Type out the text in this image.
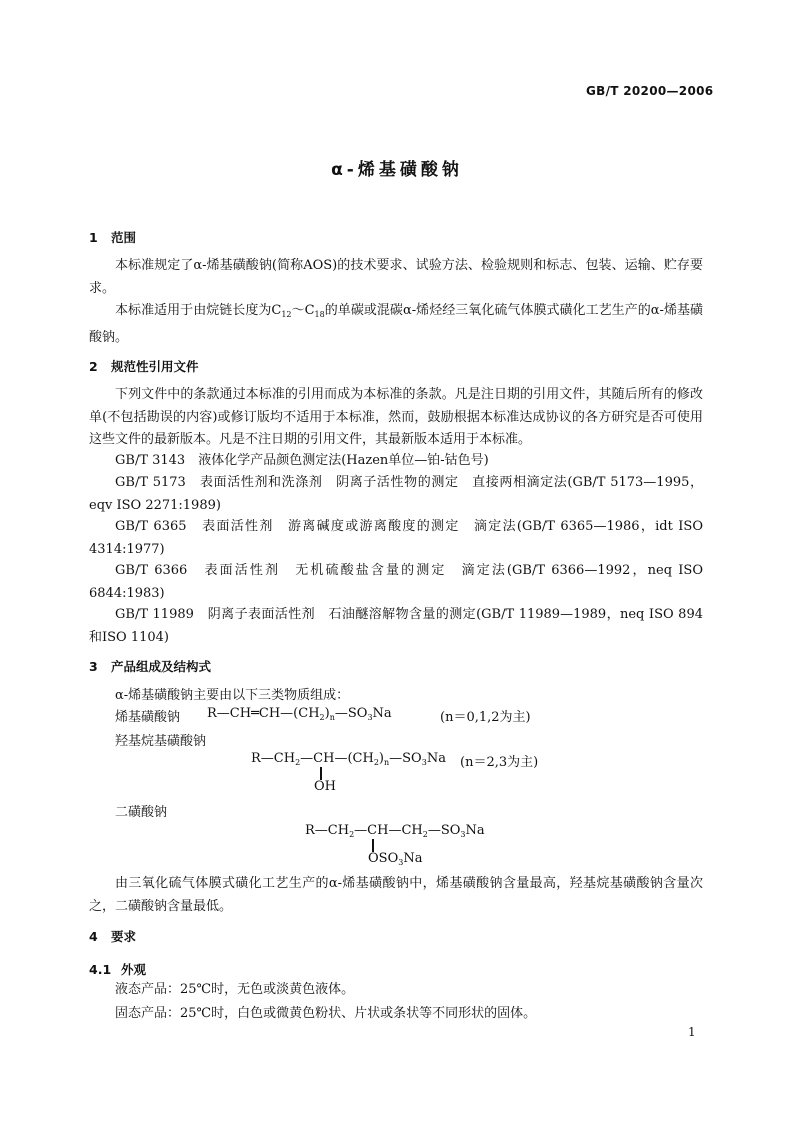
GB/T 20200—2006
α-烯基磺酸钠
1 范围
本标准规定了α-烯基磺酸钠(简称AOS)的技术要求、试验方法、检验规则和标志、包装、运输、贮存要求。
本标准适用于由烷链长度为$C_{12}\sim C_{18}$的单碳或混碳α-烯烃经三氧化硫气体膜式磺化工艺生产的α-烯基磺酸钠。
2 规范性引用文件
下列文件中的条款通过本标准的引用而成为本标准的条款。凡是注日期的引用文件，其随后所有的修改单(不包括勘误的内容)或修订版均不适用于本标准，然而，鼓励根据本标准达成协议的各方研究是否可使用这些文件的最新版本。凡是不注日期的引用文件，其最新版本适用于本标准。
GB/T 3143　液体化学产品颜色测定法(Hazen单位—铂-钴色号)
GB/T 5173　表面活性剂和洗涤剂　阴离子活性物的测定　直接两相滴定法(GB/T 5173—1995，eqv ISO 2271:1989)
GB/T 6365　表面活性剂　游离碱度或游离酸度的测定　滴定法(GB/T 6365—1986，idt ISO 4314:1977)
GB/T 6366　表面活性剂　无机硫酸盐含量的测定　滴定法(GB/T 6366—1992，neq ISO 6844:1983)
GB/T 11989　阴离子表面活性剂　石油醚溶解物含量的测定(GB/T 11989—1989，neq ISO 894和ISO 1104)
3 产品组成及结构式
α-烯基磺酸钠主要由以下三类物质组成：
烯基磺酸钠 $R—CH═CH—(CH_2)_n—SO_3Na$	(n＝0,1,2为主)
羟基烷基磺酸钠
$R—CH_2—CH—(CH_2)_n—SO_3Na$ (n＝2,3为主)
OH
二磺酸钠
$R—CH_2—CH—CH_2—SO_3Na$
$OSO_3Na$
由三氧化硫气体膜式磺化工艺生产的α-烯基磺酸钠中，烯基磺酸钠含量最高，羟基烷基磺酸钠含量次之，二磺酸钠含量最低。
4 要求
4.1 外观
液态产品：25℃时，无色或淡黄色液体。
固态产品：25℃时，白色或微黄色粉状、片状或条状等不同形状的固体。
1
